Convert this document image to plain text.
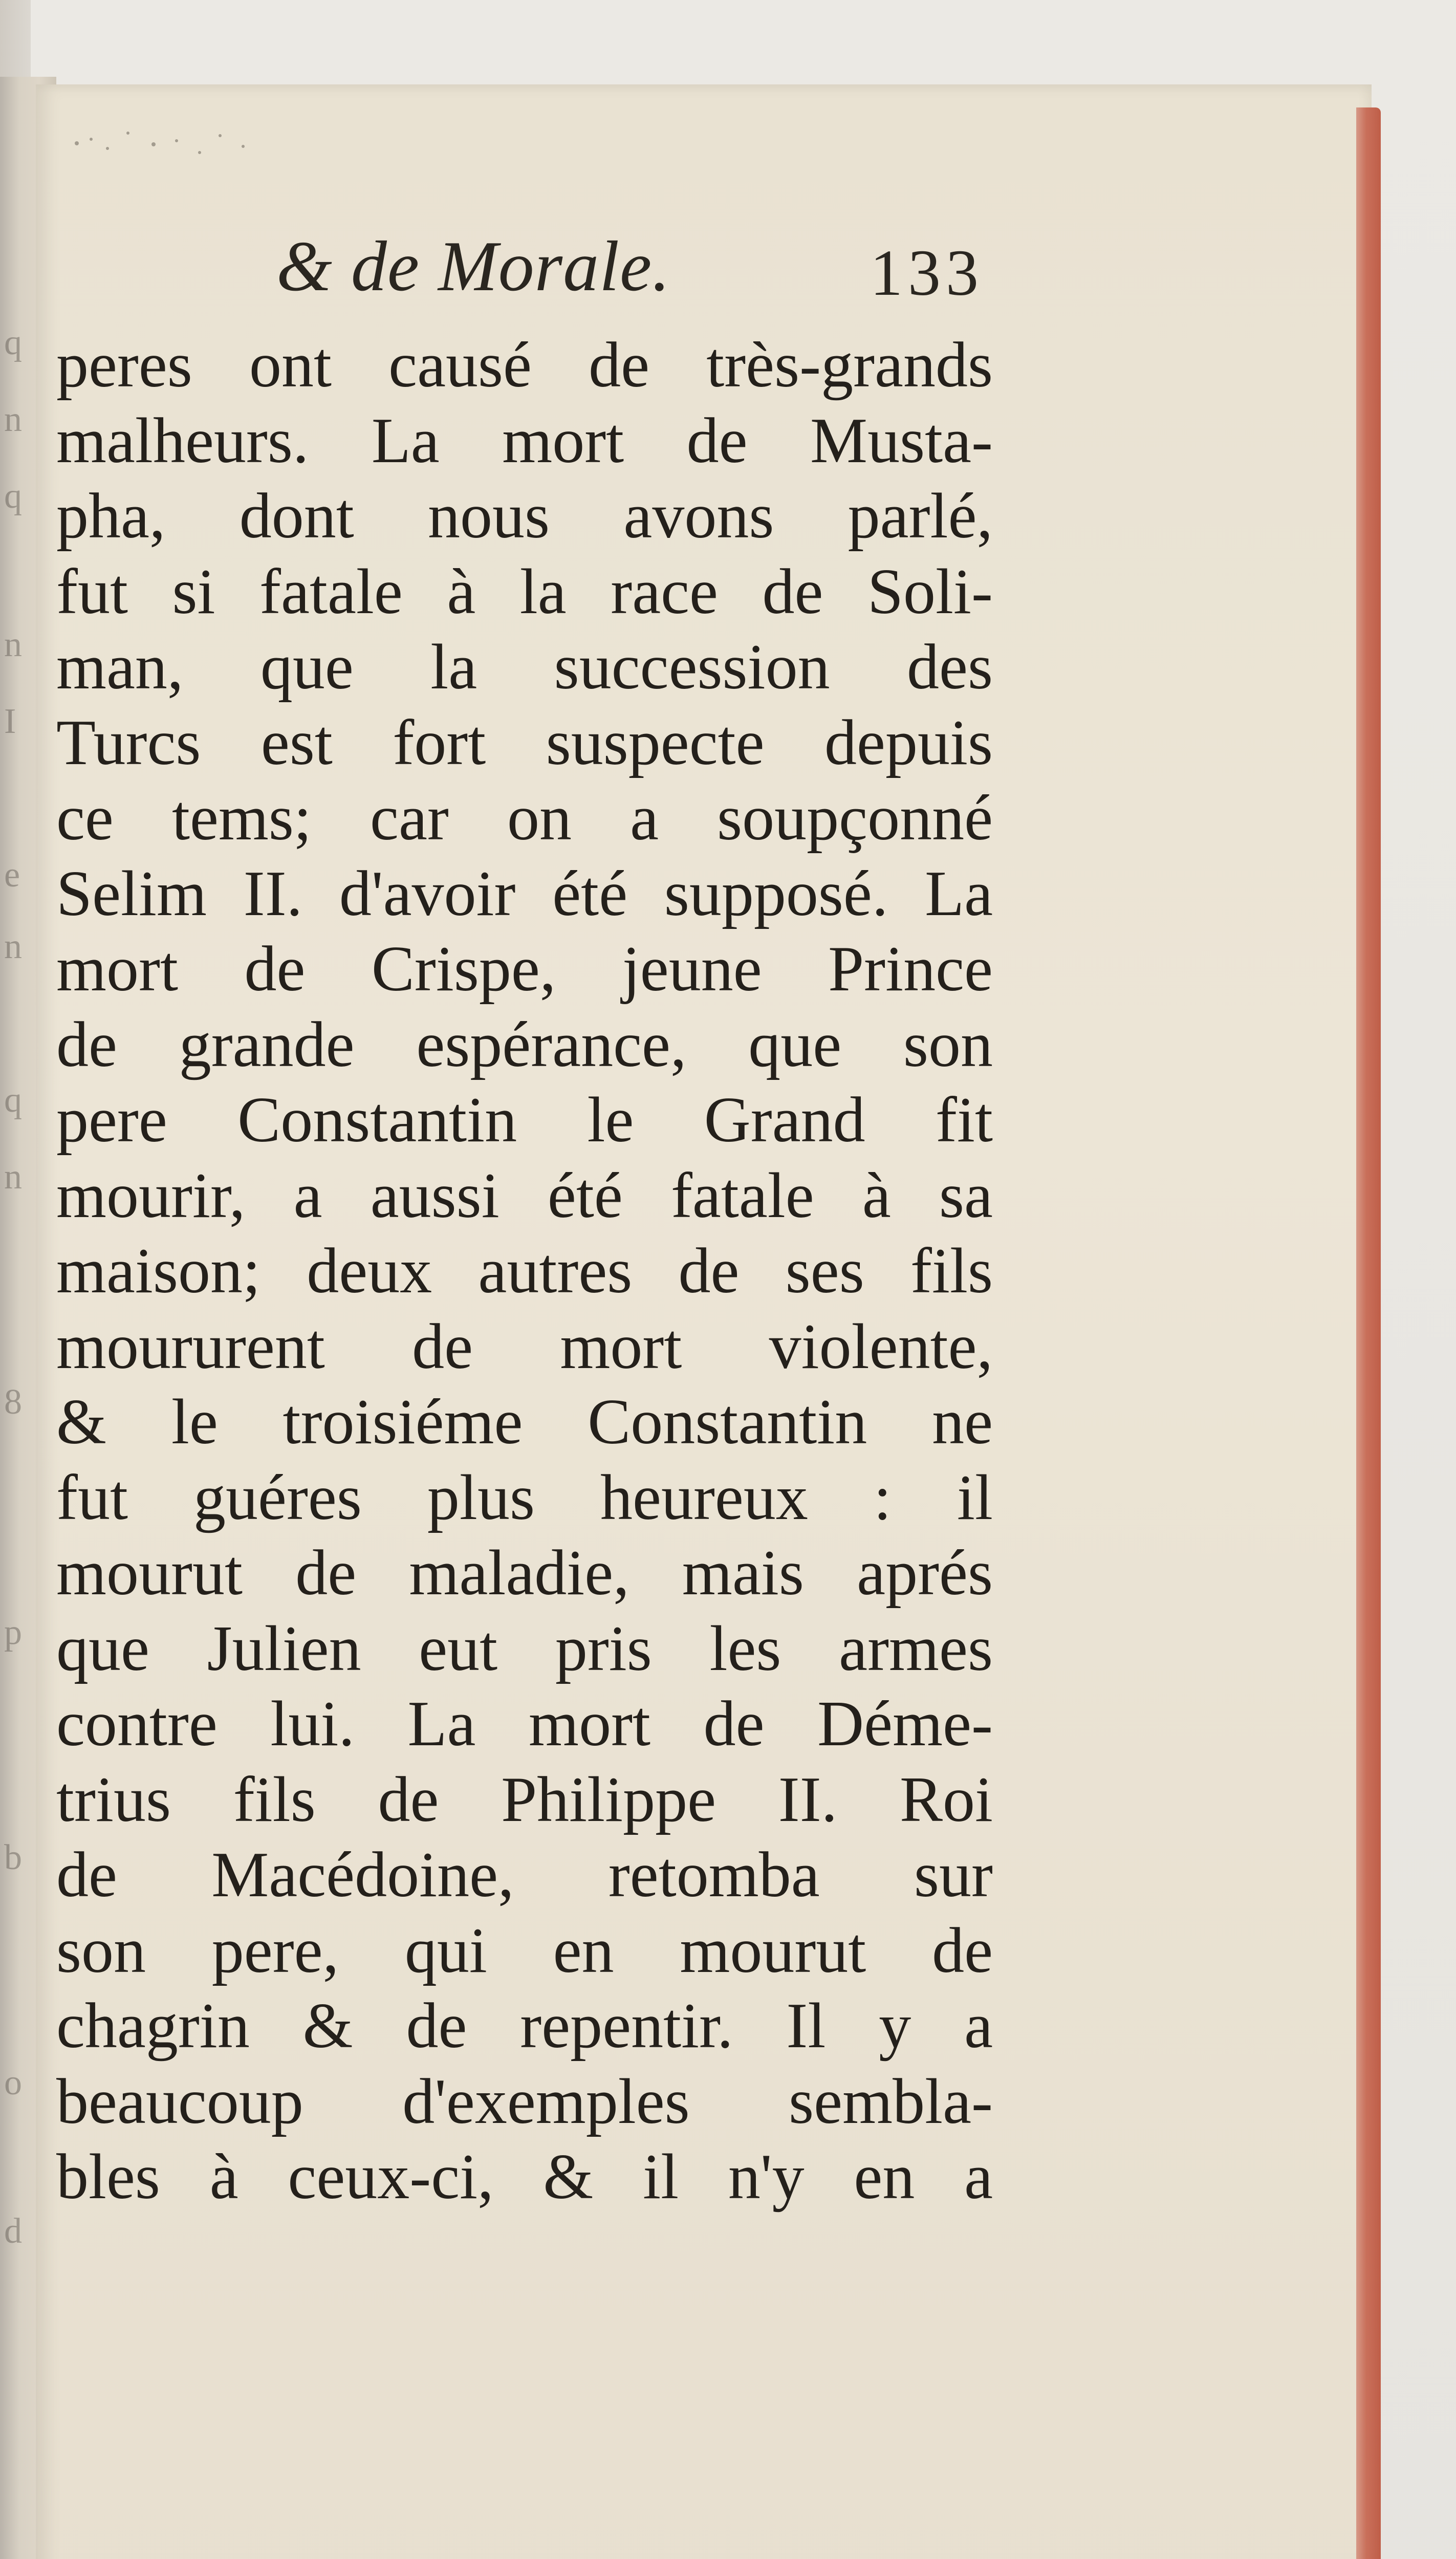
q
n
q
n
I
e
n
q
n
8
p
b
o
d
& de Morale.	133
peres ont causé de très-grands
malheurs. La mort de Musta-
pha, dont nous avons parlé,
fut si fatale à la race de Soli-
man, que la succession des
Turcs est fort suspecte depuis
ce tems; car on a soupçonné
Selim II. d'avoir été supposé. La
mort de Crispe, jeune Prince
de grande espérance, que son
pere Constantin le Grand fit
mourir, a aussi été fatale à sa
maison; deux autres de ses fils
moururent de mort violente,
& le troisiéme Constantin ne
fut guéres plus heureux : il
mourut de maladie, mais aprés
que Julien eut pris les armes
contre lui. La mort de Déme-
trius fils de Philippe II. Roi
de Macédoine, retomba sur
son pere, qui en mourut de
chagrin & de repentir. Il y a
beaucoup d'exemples sembla-
bles à ceux-ci, & il n'y en a
